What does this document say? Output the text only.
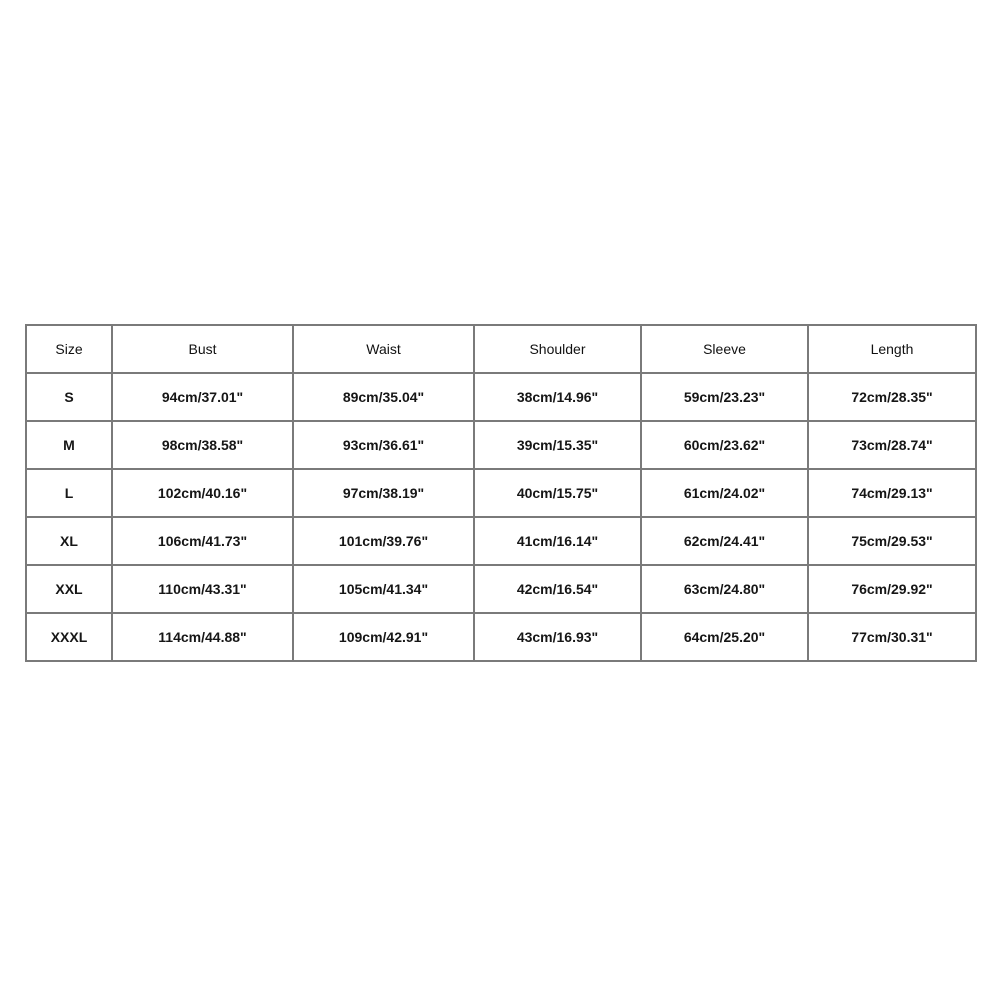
Size	Bust	Waist	Shoulder	Sleeve	Length
S	94cm/37.01"	89cm/35.04"	38cm/14.96"	59cm/23.23"	72cm/28.35"
M	98cm/38.58"	93cm/36.61"	39cm/15.35"	60cm/23.62"	73cm/28.74"
L	102cm/40.16"	97cm/38.19"	40cm/15.75"	61cm/24.02"	74cm/29.13"
XL	106cm/41.73"	101cm/39.76"	41cm/16.14"	62cm/24.41"	75cm/29.53"
XXL	110cm/43.31"	105cm/41.34"	42cm/16.54"	63cm/24.80"	76cm/29.92"
XXXL	114cm/44.88"	109cm/42.91"	43cm/16.93"	64cm/25.20"	77cm/30.31"
